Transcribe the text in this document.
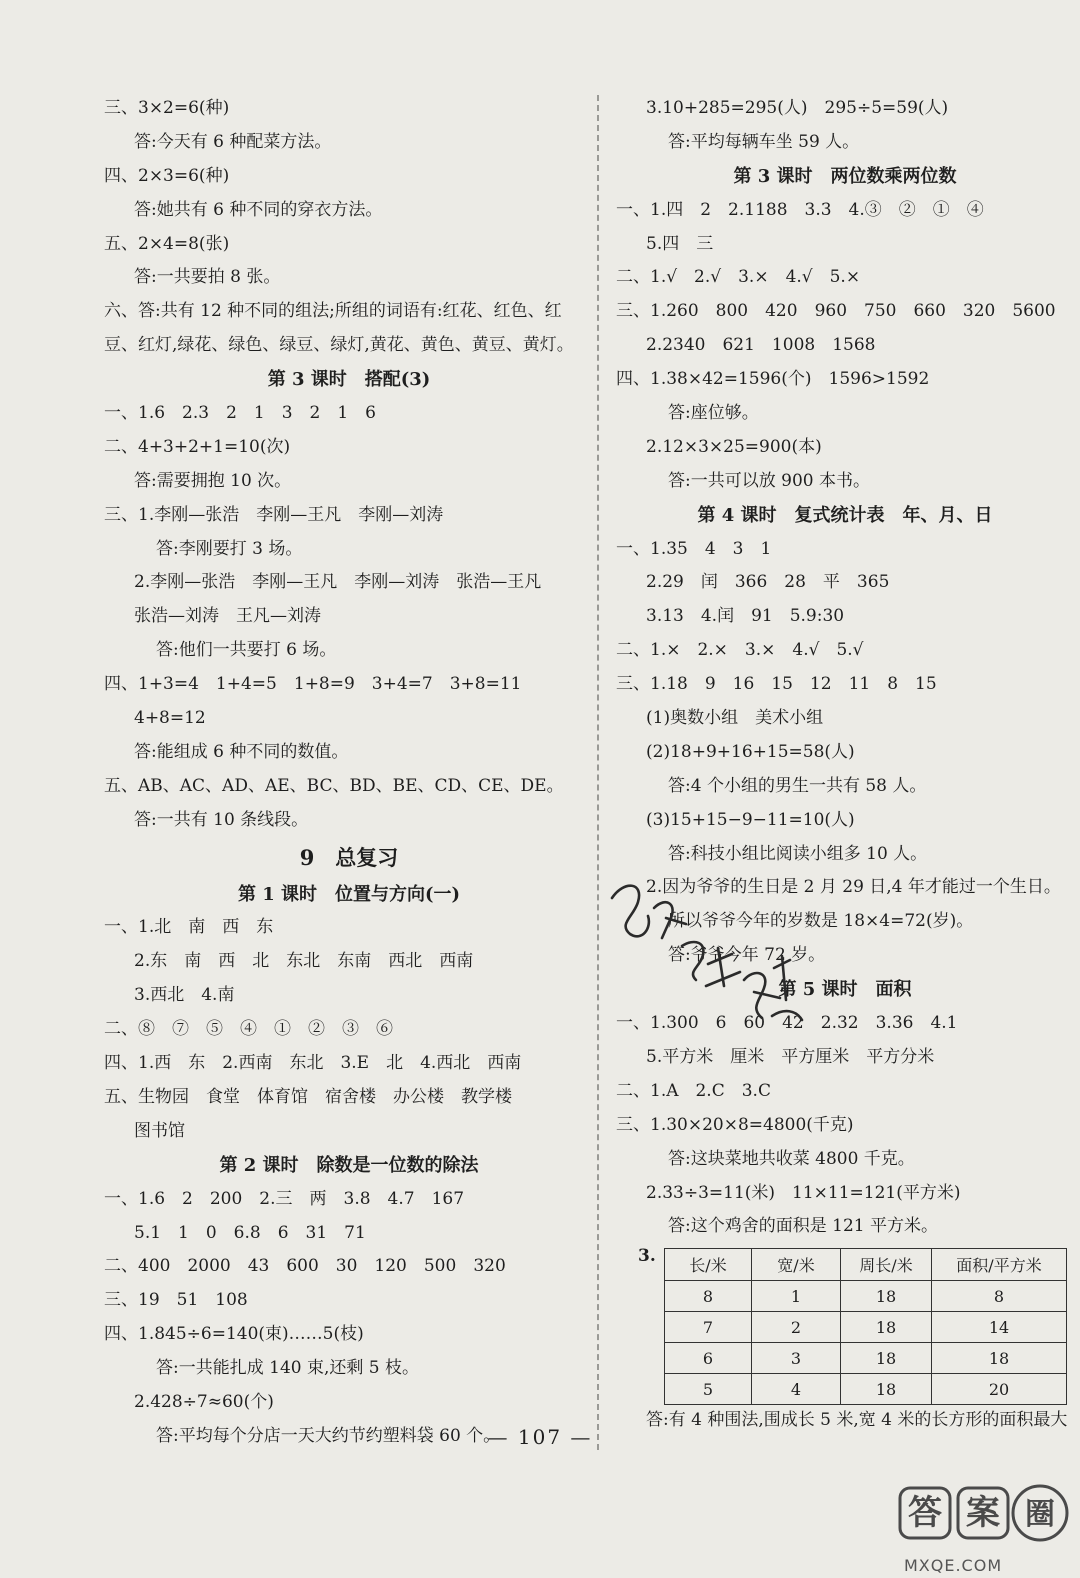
三、3×2=6(种)
答:今天有 6 种配菜方法。
四、2×3=6(种)
答:她共有 6 种不同的穿衣方法。
五、2×4=8(张)
答:一共要拍 8 张。
六、答:共有 12 种不同的组法;所组的词语有:红花、红色、红
豆、红灯,绿花、绿色、绿豆、绿灯,黄花、黄色、黄豆、黄灯。
第 3 课时　搭配(3)
一、1.6　2.3　2　1　3　2　1　6
二、4+3+2+1=10(次)
答:需要拥抱 10 次。
三、1.李刚—张浩　李刚—王凡　李刚—刘涛
答:李刚要打 3 场。
2.李刚—张浩　李刚—王凡　李刚—刘涛　张浩—王凡
张浩—刘涛　王凡—刘涛
答:他们一共要打 6 场。
四、1+3=4　1+4=5　1+8=9　3+4=7　3+8=11
4+8=12
答:能组成 6 种不同的数值。
五、AB、AC、AD、AE、BC、BD、BE、CD、CE、DE。
答:一共有 10 条线段。
9　总复习
第 1 课时　位置与方向(一)
一、1.北　南　西　东
2.东　南　西　北　东北　东南　西北　西南
3.西北　4.南
二、⑧　⑦　⑤　④　①　②　③　⑥
四、1.西　东　2.西南　东北　3.E　北　4.西北　西南
五、生物园　食堂　体育馆　宿舍楼　办公楼　教学楼
图书馆
第 2 课时　除数是一位数的除法
一、1.6　2　200　2.三　两　3.8　4.7　167
5.1　1　0　6.8　6　31　71
二、400　2000　43　600　30　120　500　320
三、19　51　108
四、1.845÷6=140(束)……5(枝)
答:一共能扎成 140 束,还剩 5 枝。
2.428÷7≈60(个)
答:平均每个分店一天大约节约塑料袋 60 个。
3.10+285=295(人)　295÷5=59(人)
答:平均每辆车坐 59 人。
第 3 课时　两位数乘两位数
一、1.四　2　2.1188　3.3　4.③　②　①　④
5.四　三
二、1.√　2.√　3.×　4.√　5.×
三、1.260　800　420　960　750　660　320　5600
2.2340　621　1008　1568
四、1.38×42=1596(个)　1596>1592
答:座位够。
2.12×3×25=900(本)
答:一共可以放 900 本书。
第 4 课时　复式统计表　年、月、日
一、1.35　4　3　1
2.29　闰　366　28　平　365
3.13　4.闰　91　5.9:30
二、1.×　2.×　3.×　4.√　5.√
三、1.18　9　16　15　12　11　8　15
(1)奥数小组　美术小组
(2)18+9+16+15=58(人)
答:4 个小组的男生一共有 58 人。
(3)15+15−9−11=10(人)
答:科技小组比阅读小组多 10 人。
2.因为爷爷的生日是 2 月 29 日,4 年才能过一个生日。
所以爷爷今年的岁数是 18×4=72(岁)。
答:爷爷今年 72 岁。
第 5 课时　面积
一、1.300　6　60　42　2.32　3.36　4.1
5.平方米　厘米　平方厘米　平方分米
二、1.A　2.C　3.C
三、1.30×20×8=4800(千克)
答:这块菜地共收菜 4800 千克。
2.33÷3=11(米)　11×11=121(平方米)
答:这个鸡舍的面积是 121 平方米。
3. 长/米	宽/米	周长/米	面积/平方米
8	1	18	8
7	2	18	14
6	3	18	18
5	4	18	20
答:有 4 种围法,围成长 5 米,宽 4 米的长方形的面积最大
— 107 —
答 案 圈
MXQE.COM
